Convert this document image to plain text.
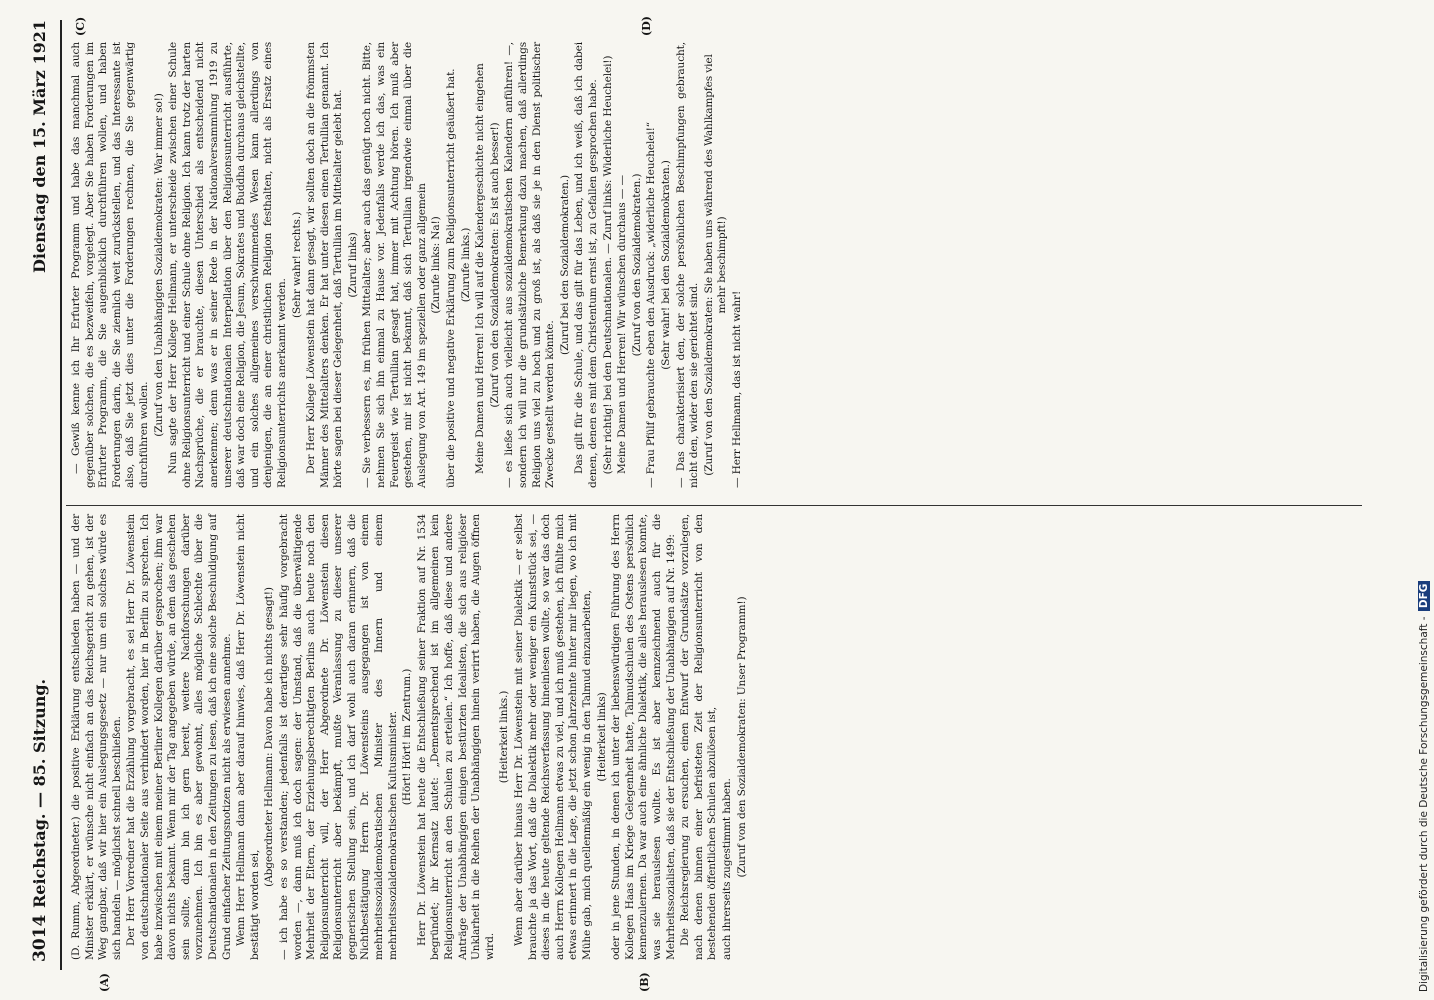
3014
Reichstag. — 85. Sitzung.
Dienstag den 15. März 1921
(A)	(B)
(C)	(D)

(D. Rumm, Abgeordneter.) die positive Erklärung entschieden haben — und der Minister erklärt, er wünsche nicht einfach an das Reichsgericht zu gehen, ist der Weg gangbar, daß wir hier ein Auslegungsgesetz — nur um ein solches würde es sich handeln — möglichst schnell beschließen. Der Herr Vorredner hat die Erzählung vorgebracht, es sei Herr Dr. Löwenstein von deutschnationaler Seite aus verhindert worden, hier in Berlin zu sprechen. Ich habe inzwischen mit einem meiner Berliner Kollegen darüber gesprochen; ihm war davon nichts bekannt. Wenn mir der Tag angegeben würde, an dem das geschehen sein sollte, dann bin ich gern bereit, weitere Nachforschungen darüber vorzunehmen. Ich bin es aber gewohnt, alles mögliche Schlechte über die Deutschnationalen in den Zeitungen zu lesen, daß ich eine solche Beschuldigung auf Grund einfacher Zeitungsnotizen nicht als erwiesen annehme. Wenn Herr Hellmann dann aber darauf hinwies, daß Herr Dr. Löwenstein nicht bestätigt worden sei,

(Abgeordneter Hellmann: Davon habe ich nichts gesagt!) — ich habe es so verstanden; jedenfalls ist derartiges sehr häufig vorgebracht worden —, dann muß ich doch sagen: der Umstand, daß die überwältigende Mehrheit der Eltern, der Erziehungsberechtigten Berlins auch heute noch den Religionsunterricht will, der Herr Abgeordnete Dr. Löwenstein diesen Religionsunterricht aber bekämpft, mußte Veranlassung zu dieser unserer gegnerischen Stellung sein, und ich darf wohl auch daran erinnern, daß die Nichtbestätigung Herrn Dr. Löwensteins ausgegangen ist von einem mehrheitssozialdemokratischen Minister des Innern und einem mehrheitssozialdemokratischen Kultusminister. (Hört! Hört! im Zentrum.) Herr Dr. Löwenstein hat heute die Entschließung seiner Fraktion auf Nr. 1534 begründet; ihr Kernsatz lautet: „Dementsprechend ist im allgemeinen kein Religionsunterricht an den Schulen zu erteilen.“ Ich hoffe, daß diese und andere Anträge der Unabhängigen einigen bestürzten Idealisten, die sich aus religiöser Unklarheit in die Reihen der Unabhängigen hinein verirrt haben, die Augen öffnen wird.

(Heiterkeit links.) Wenn aber darüber hinaus Herr Dr. Löwenstein mit seiner Dialektik — er selbst brauchte ja das Wort, daß die Dialektik mehr oder weniger ein Kunststück sei, — dieses in die heute geltende Reichsverfassung hineinlesen wollte, so war das doch auch Herrn Kollegen Hellmann etwas zu viel, und ich muß gestehen, ich fühlte mich etwas erinnert in die Lage, die jetzt schon Jahrzehnte hinter mir liegen, wo ich mit Mühe gab, mich quellenmäßig ein wenig in den Talmud einzuarbeiten, (Heiterkeit links) oder in jene Stunden, in denen ich unter der liebenswürdigen Führung des Herrn Kollegen Haas im Kriege Gelegenheit hatte, Talmudschulen des Ostens persönlich kennenzulernen. Da war auch eine ähnliche Dialektik, die alles herauslesen konnte, was sie herauslesen wollte. Es ist aber kennzeichnend auch für die Mehrheitssozialisten, daß sie der Entschließung der Unabhängigen auf Nr. 1499: Die Reichsregierung zu ersuchen, einen Entwurf der Grundsätze vorzulegen, nach denen binnen einer befristeten Zeit der Religionsunterricht von den bestehenden öffentlichen Schulen abzulösen ist, auch ihrerseits zugestimmt haben. (Zuruf von den Sozialdemokraten: Unser Programm!)

— Gewiß kenne ich Ihr Erfurter Programm und habe das manchmal auch gegenüber solchen, die es bezweifeln, vorgelegt. Aber Sie haben Forderungen im Erfurter Programm, die Sie augenblicklich durchführen wollen, und haben Forderungen darin, die Sie ziemlich weit zurückstellen, und das Interessante ist also, daß Sie jetzt dies unter die Forderungen rechnen, die Sie gegenwärtig durchführen wollen. (Zuruf von den Unabhängigen Sozialdemokraten: War immer so!) Nun sagte der Herr Kollege Hellmann, er unterscheide zwischen einer Schule ohne Religionsunterricht und einer Schule ohne Religion. Ich kann trotz der harten Nachsprüche, die er brauchte, diesen Unterschied als entscheidend nicht anerkennen; denn was er in seiner Rede in der Nationalversammlung 1919 zu unserer deutschnationalen Interpellation über den Religionsunterricht ausführte, daß war doch eine Religion, die Jesum, Sokrates und Buddha durchaus gleichstellte, und ein solches allgemeines verschwimmendes Wesen kann allerdings von denjenigen, die an einer christlichen Religion festhalten, nicht als Ersatz eines Religionsunterrichts anerkannt werden.

(Sehr wahr! rechts.) Der Herr Kollege Löwenstein hat dann gesagt, wir sollten doch an die frömmsten Männer des Mittelalters denken. Er hat unter diesen einen Tertullian genannt. Ich hörte sagen bei dieser Gelegenheit, daß Tertullian im Mittelalter gelebt hat. (Zuruf links) — Sie verbessern es, im frühen Mittelalter; aber auch das genügt noch nicht. Bitte, nehmen Sie sich ihn einmal zu Hause vor. Jedenfalls werde ich das, was ein Feuergeist wie Tertullian gesagt hat, immer mit Achtung hören. Ich muß aber gestehen, mir ist nicht bekannt, daß sich Tertullian irgendwie einmal über die Auslegung von Art. 149 im speziellen oder ganz allgemein (Zurufe links: Na!) über die positive und negative Erklärung zum Religionsunterricht geäußert hat. (Zurufe links.) Meine Damen und Herren! Ich will auf die Kalendergeschichte nicht eingehen (Zuruf von den Sozialdemokraten: Es ist auch besser!) — es ließe sich auch vielleicht aus sozialdemokratischen Kalendern anführen! —, sondern ich will nur die grundsätzliche Bemerkung dazu machen, daß allerdings Religion uns viel zu hoch und zu groß ist, als daß sie je in den Dienst politischer Zwecke gestellt werden könnte.

(Zuruf bei den Sozialdemokraten.) Das gilt für die Schule, und das gilt für das Leben, und ich weiß, daß ich dabei denen, denen es mit dem Christentum ernst ist, zu Gefallen gesprochen habe. (Sehr richtig! bei den Deutschnationalen. — Zuruf links: Widerliche Heuchelei!) Meine Damen und Herren! Wir wünschen durchaus — — (Zuruf von den Sozialdemokraten.) — Frau Pfülf gebrauchte eben den Ausdruck: „widerliche Heuchelei!“ (Sehr wahr! bei den Sozialdemokraten.) — Das charakterisiert den, der solche persönlichen Beschimpfungen gebraucht, nicht den, wider den sie gerichtet sind. (Zuruf von den Sozialdemokraten: Sie haben uns während des Wahlkampfes viel mehr beschimpft!)

— Herr Hellmann, das ist nicht wahr!

Digitalisierung gefördert durch die Deutsche Forschungsgemeinschaft - DFG
